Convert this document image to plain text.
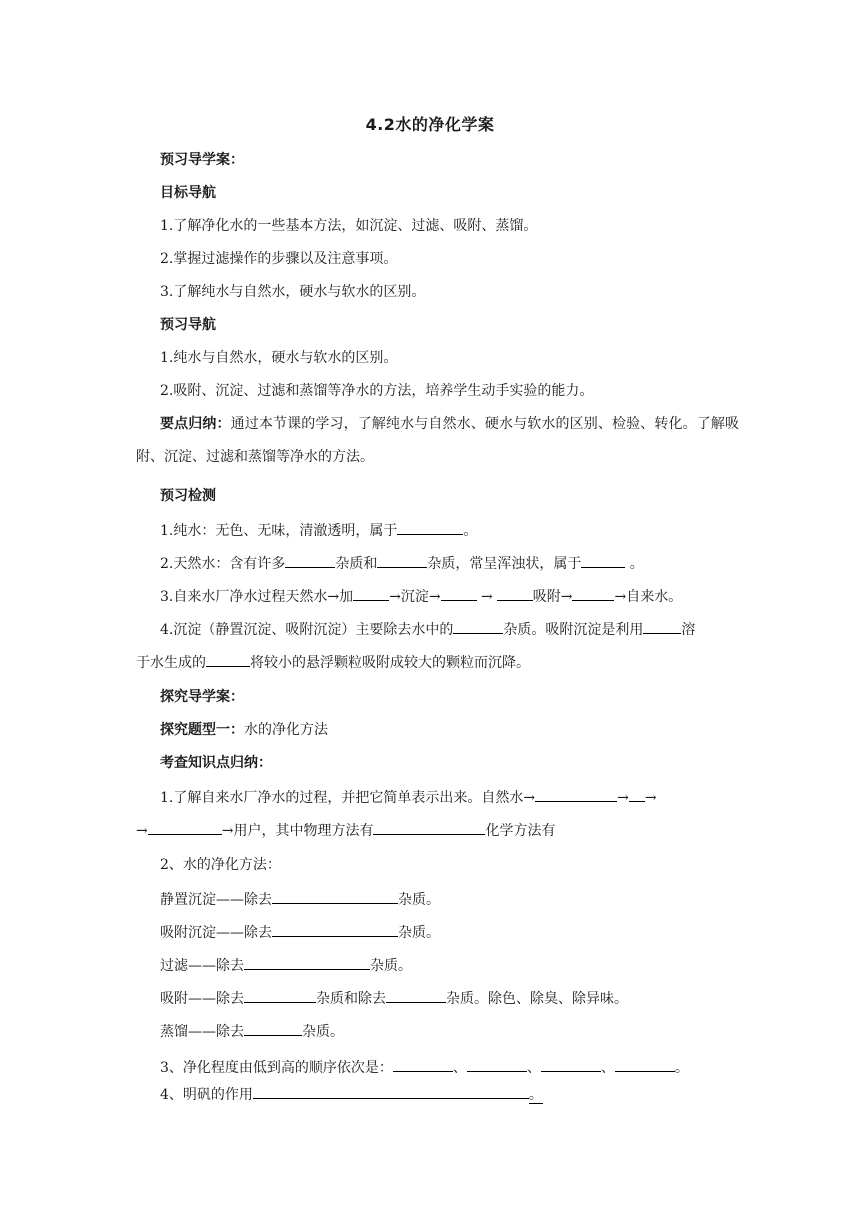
4.2水的净化学案
预习导学案：
目标导航
1.了解净化水的一些基本方法，如沉淀、过滤、吸附、蒸馏。
2.掌握过滤操作的步骤以及注意事项。
3.了解纯水与自然水，硬水与软水的区别。
预习导航
1.纯水与自然水，硬水与软水的区别。
2.吸附、沉淀、过滤和蒸馏等净水的方法，培养学生动手实验的能力。
要点归纳：通过本节课的学习，了解纯水与自然水、硬水与软水的区别、检验、转化。了解吸附、沉淀、过滤和蒸馏等净水的方法。
预习检测
1.纯水：无色、无味，清澈透明，属于	。
2.天然水：含有许多	杂质和	杂质，常呈浑浊状，属于	。
3.自来水厂净水过程天然水→加	→沉淀→	→	吸附→	→自来水。
4.沉淀（静置沉淀、吸附沉淀）主要除去水中的	杂质。吸附沉淀是利用	溶
于水生成的	将较小的悬浮颗粒吸附成较大的颗粒而沉降。
探究导学案：
探究题型一：水的净化方法
考查知识点归纳：
1.了解自来水厂净水的过程，并把它简单表示出来。自然水→	→ →
→	→用户，其中物理方法有	化学方法有
2、水的净化方法：
静置沉淀——除去	杂质。
吸附沉淀——除去	杂质。
过滤——除去	杂质。
吸附——除去	杂质和除去	杂质。除色、除臭、除异味。
蒸馏——除去	杂质。
3、净化程度由低到高的顺序依次是：	、	、	、	。
4、明矾的作用	。
